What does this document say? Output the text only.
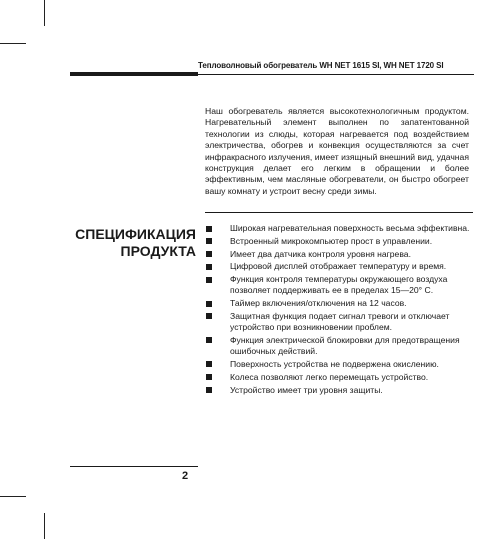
Тепловолновый обогреватель WH NET 1615 SI, WH NET 1720 SI
Наш обогреватель является высокотехнологичным продуктом. Нагревательный элемент выполнен по запатентованной технологии из слюды, которая нагревается под воздействием электричества, обогрев и конвекция осуществляются за счет инфракрасного излучения, имеет изящный внешний вид, удачная конструкция делает его легким в обращении и более эффективным, чем масляные обогреватели, он быстро обогреет вашу комнату и устроит весну среди зимы.
СПЕЦИФИКАЦИЯ
ПРОДУКТА
Широкая нагревательная поверхность весьма эффективна.
Встроенный микрокомпьютер прост в управлении.
Имеет два датчика контроля уровня нагрева.
Цифровой дисплей отображает температуру и время.
Функция контроля температуры окружающего воздуха позволяет поддерживать ее в пределах 15—20° С.
Таймер включения/отключения на 12 часов.
Защитная функция подает сигнал тревоги и отключает устройство при возникновении проблем.
Функция электрической блокировки для предотвращения ошибочных действий.
Поверхность устройства не подвержена окислению.
Колеса позволяют легко перемещать устройство.
Устройство имеет три уровня защиты.
2
